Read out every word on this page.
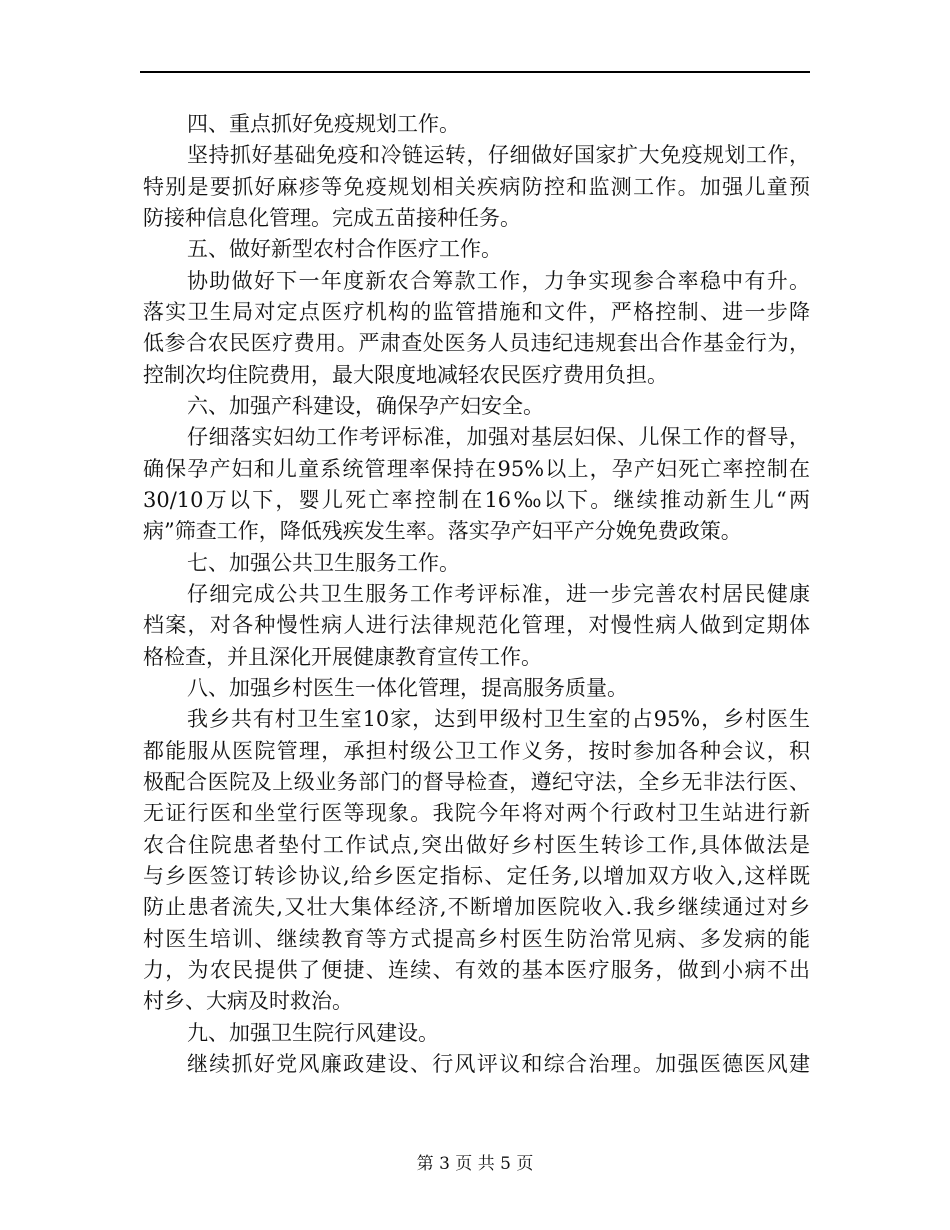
四、重点抓好免疫规划工作。
坚持抓好基础免疫和冷链运转，仔细做好国家扩大免疫规划工作，
特别是要抓好麻疹等免疫规划相关疾病防控和监测工作。加强儿童预
防接种信息化管理。完成五苗接种任务。
五、做好新型农村合作医疗工作。
协助做好下一年度新农合筹款工作，力争实现参合率稳中有升。
落实卫生局对定点医疗机构的监管措施和文件，严格控制、进一步降
低参合农民医疗费用。严肃查处医务人员违纪违规套出合作基金行为，
控制次均住院费用，最大限度地减轻农民医疗费用负担。
六、加强产科建设，确保孕产妇安全。
仔细落实妇幼工作考评标准，加强对基层妇保、儿保工作的督导，
确保孕产妇和儿童系统管理率保持在95%以上，孕产妇死亡率控制在
30/10万以下，婴儿死亡率控制在16‰以下。继续推动新生儿“两
病”筛查工作，降低残疾发生率。落实孕产妇平产分娩免费政策。
七、加强公共卫生服务工作。
仔细完成公共卫生服务工作考评标准，进一步完善农村居民健康
档案，对各种慢性病人进行法律规范化管理，对慢性病人做到定期体
格检查，并且深化开展健康教育宣传工作。
八、加强乡村医生一体化管理，提高服务质量。
我乡共有村卫生室10家，达到甲级村卫生室的占95%，乡村医生
都能服从医院管理，承担村级公卫工作义务，按时参加各种会议，积
极配合医院及上级业务部门的督导检查，遵纪守法，全乡无非法行医、
无证行医和坐堂行医等现象。我院今年将对两个行政村卫生站进行新
农合住院患者垫付工作试点,突出做好乡村医生转诊工作,具体做法是
与乡医签订转诊协议,给乡医定指标、定任务,以增加双方收入,这样既
防止患者流失,又壮大集体经济,不断增加医院收入.我乡继续通过对乡
村医生培训、继续教育等方式提高乡村医生防治常见病、多发病的能
力，为农民提供了便捷、连续、有效的基本医疗服务，做到小病不出
村乡、大病及时救治。
九、加强卫生院行风建设。
继续抓好党风廉政建设、行风评议和综合治理。加强医德医风建
第 3 页 共 5 页
